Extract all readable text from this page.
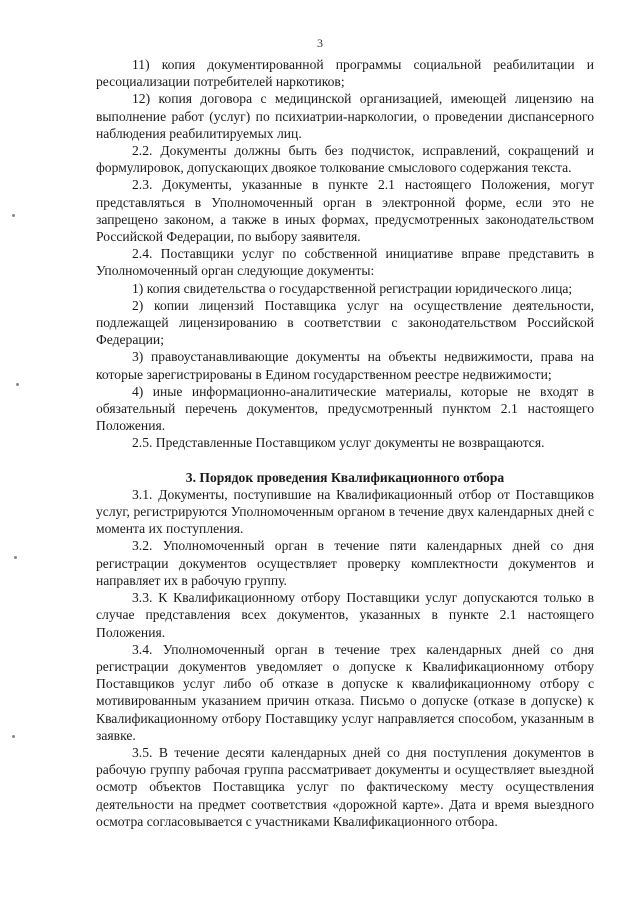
3

11) копия документированной программы социальной реабилитации и ресоциализации потребителей наркотиков;

12) копия договора с медицинской организацией, имеющей лицензию на выполнение работ (услуг) по психиатрии-наркологии, о проведении диспансерного наблюдения реабилитируемых лиц.

2.2. Документы должны быть без подчисток, исправлений, сокращений и формулировок, допускающих двоякое толкование смыслового содержания текста.

2.3. Документы, указанные в пункте 2.1 настоящего Положения, могут представляться в Уполномоченный орган в электронной форме, если это не запрещено законом, а также в иных формах, предусмотренных законодательством Российской Федерации, по выбору заявителя.

2.4. Поставщики услуг по собственной инициативе вправе представить в Уполномоченный орган следующие документы:

1) копия свидетельства о государственной регистрации юридического лица;

2) копии лицензий Поставщика услуг на осуществление деятельности, подлежащей лицензированию в соответствии с законодательством Российской Федерации;

3) правоустанавливающие документы на объекты недвижимости, права на которые зарегистрированы в Едином государственном реестре недвижимости;

4) иные информационно-аналитические материалы, которые не входят в обязательный перечень документов, предусмотренный пунктом 2.1 настоящего Положения.

2.5. Представленные Поставщиком услуг документы не возвращаются.

3. Порядок проведения Квалификационного отбора

3.1. Документы, поступившие на Квалификационный отбор от Поставщиков услуг, регистрируются Уполномоченным органом в течение двух календарных дней с момента их поступления.

3.2. Уполномоченный орган в течение пяти календарных дней со дня регистрации документов осуществляет проверку комплектности документов и направляет их в рабочую группу.

3.3. К Квалификационному отбору Поставщики услуг допускаются только в случае представления всех документов, указанных в пункте 2.1 настоящего Положения.

3.4. Уполномоченный орган в течение трех календарных дней со дня регистрации документов уведомляет о допуске к Квалификационному отбору Поставщиков услуг либо об отказе в допуске к квалификационному отбору с мотивированным указанием причин отказа. Письмо о допуске (отказе в допуске) к Квалификационному отбору Поставщику услуг направляется способом, указанным в заявке.

3.5. В течение десяти календарных дней со дня поступления документов в рабочую группу рабочая группа рассматривает документы и осуществляет выездной осмотр объектов Поставщика услуг по фактическому месту осуществления деятельности на предмет соответствия «дорожной карте». Дата и время выездного осмотра согласовывается с участниками Квалификационного отбора.
